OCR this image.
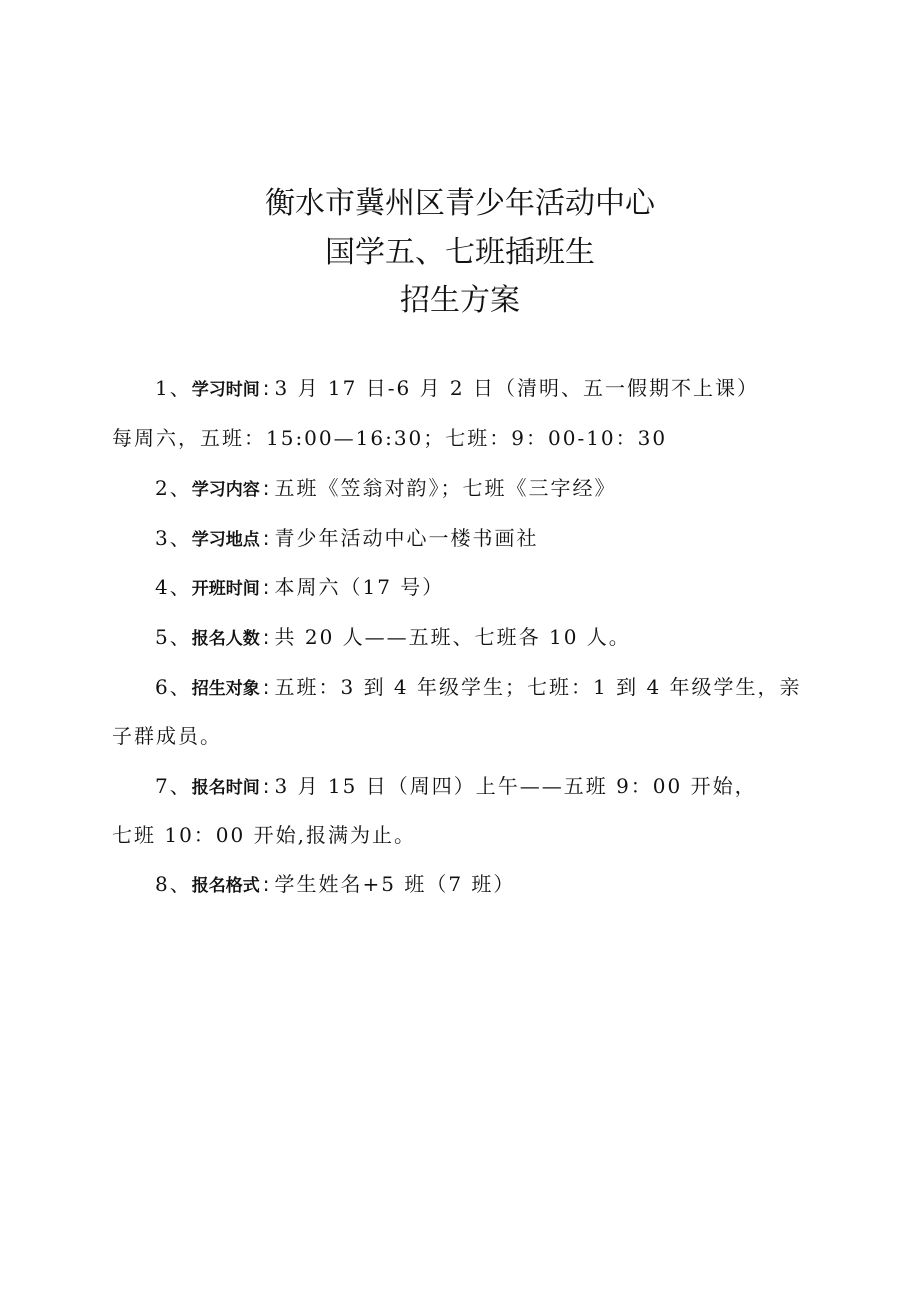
衡水市冀州区青少年活动中心
国学五、七班插班生
招生方案
1、学习时间 : 3 月 17 日-6 月 2 日（清明、五一假期不上课）
每周六，五班：15:00—16:30；七班：9：00-10：30
2、学习内容 : 五班《笠翁对韵》；七班《三字经》
3、学习地点 : 青少年活动中心一楼书画社
4、开班时间 : 本周六（17 号）
5、报名人数 : 共 20 人——五班、七班各 10 人。
6、招生对象 : 五班：3 到 4 年级学生；七班：1 到 4 年级学生，亲
子群成员。
7、报名时间 : 3 月 15 日（周四）上午——五班 9：00 开始，
七班 10：00 开始,报满为止。
8、报名格式 : 学生姓名+5 班（7 班）
